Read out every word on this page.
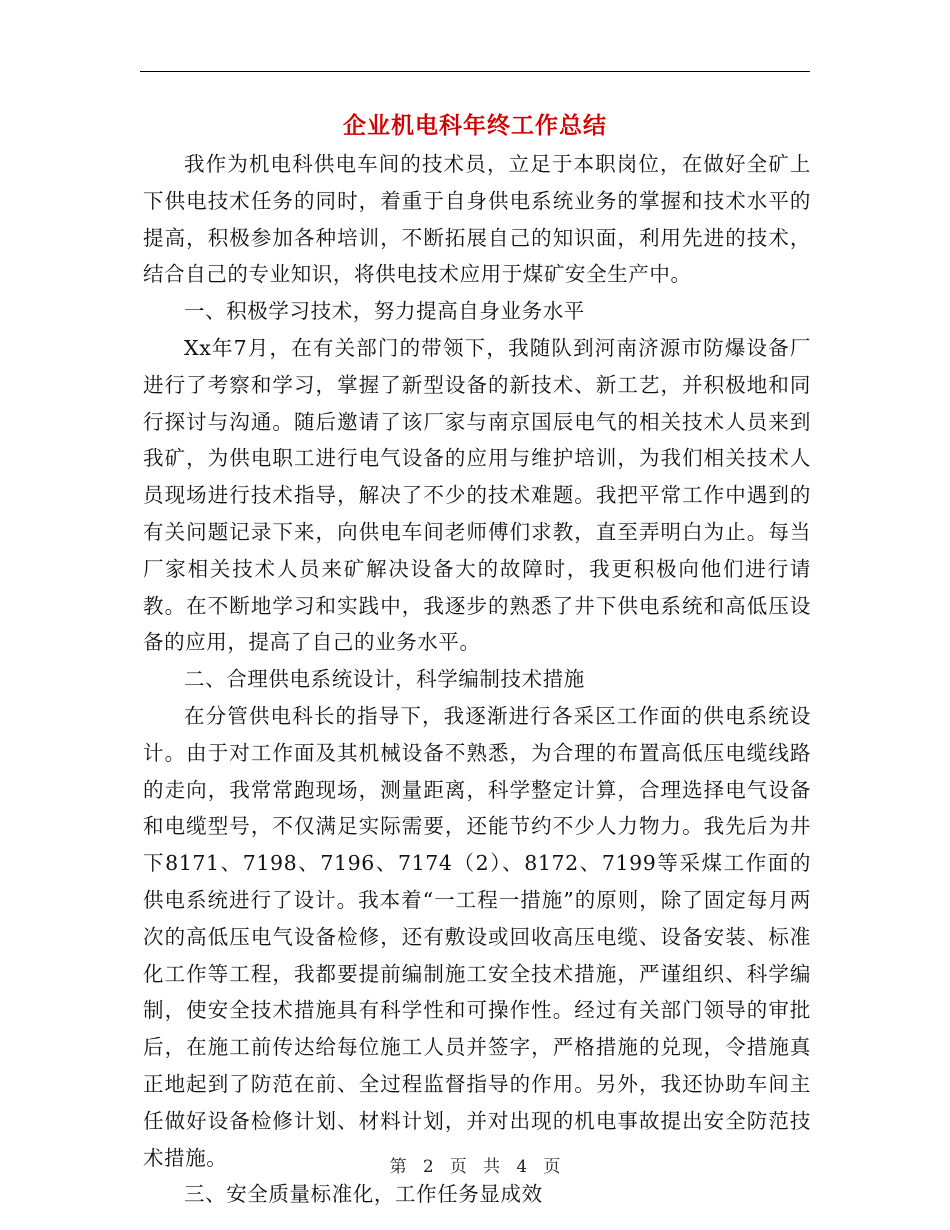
企业机电科年终工作总结

我作为机电科供电车间的技术员，立足于本职岗位，在做好全矿上下供电技术任务的同时，着重于自身供电系统业务的掌握和技术水平的提高，积极参加各种培训，不断拓展自己的知识面，利用先进的技术，结合自己的专业知识，将供电技术应用于煤矿安全生产中。

一、积极学习技术，努力提高自身业务水平

Xx年7月，在有关部门的带领下，我随队到河南济源市防爆设备厂进行了考察和学习，掌握了新型设备的新技术、新工艺，并积极地和同行探讨与沟通。随后邀请了该厂家与南京国辰电气的相关技术人员来到我矿，为供电职工进行电气设备的应用与维护培训，为我们相关技术人员现场进行技术指导，解决了不少的技术难题。我把平常工作中遇到的有关问题记录下来，向供电车间老师傅们求教，直至弄明白为止。每当厂家相关技术人员来矿解决设备大的故障时，我更积极向他们进行请教。在不断地学习和实践中，我逐步的熟悉了井下供电系统和高低压设备的应用，提高了自己的业务水平。

二、合理供电系统设计，科学编制技术措施

在分管供电科长的指导下，我逐渐进行各采区工作面的供电系统设计。由于对工作面及其机械设备不熟悉，为合理的布置高低压电缆线路的走向，我常常跑现场，测量距离，科学整定计算，合理选择电气设备和电缆型号，不仅满足实际需要，还能节约不少人力物力。我先后为井下8171、7198、7196、7174（2）、8172、7199等采煤工作面的供电系统进行了设计。我本着“一工程一措施”的原则，除了固定每月两次的高低压电气设备检修，还有敷设或回收高压电缆、设备安装、标准化工作等工程，我都要提前编制施工安全技术措施，严谨组织、科学编制，使安全技术措施具有科学性和可操作性。经过有关部门领导的审批后，在施工前传达给每位施工人员并签字，严格措施的兑现，令措施真正地起到了防范在前、全过程监督指导的作用。另外，我还协助车间主任做好设备检修计划、材料计划，并对出现的机电事故提出安全防范技术措施。

三、安全质量标准化，工作任务显成效

第 2 页 共 4 页
